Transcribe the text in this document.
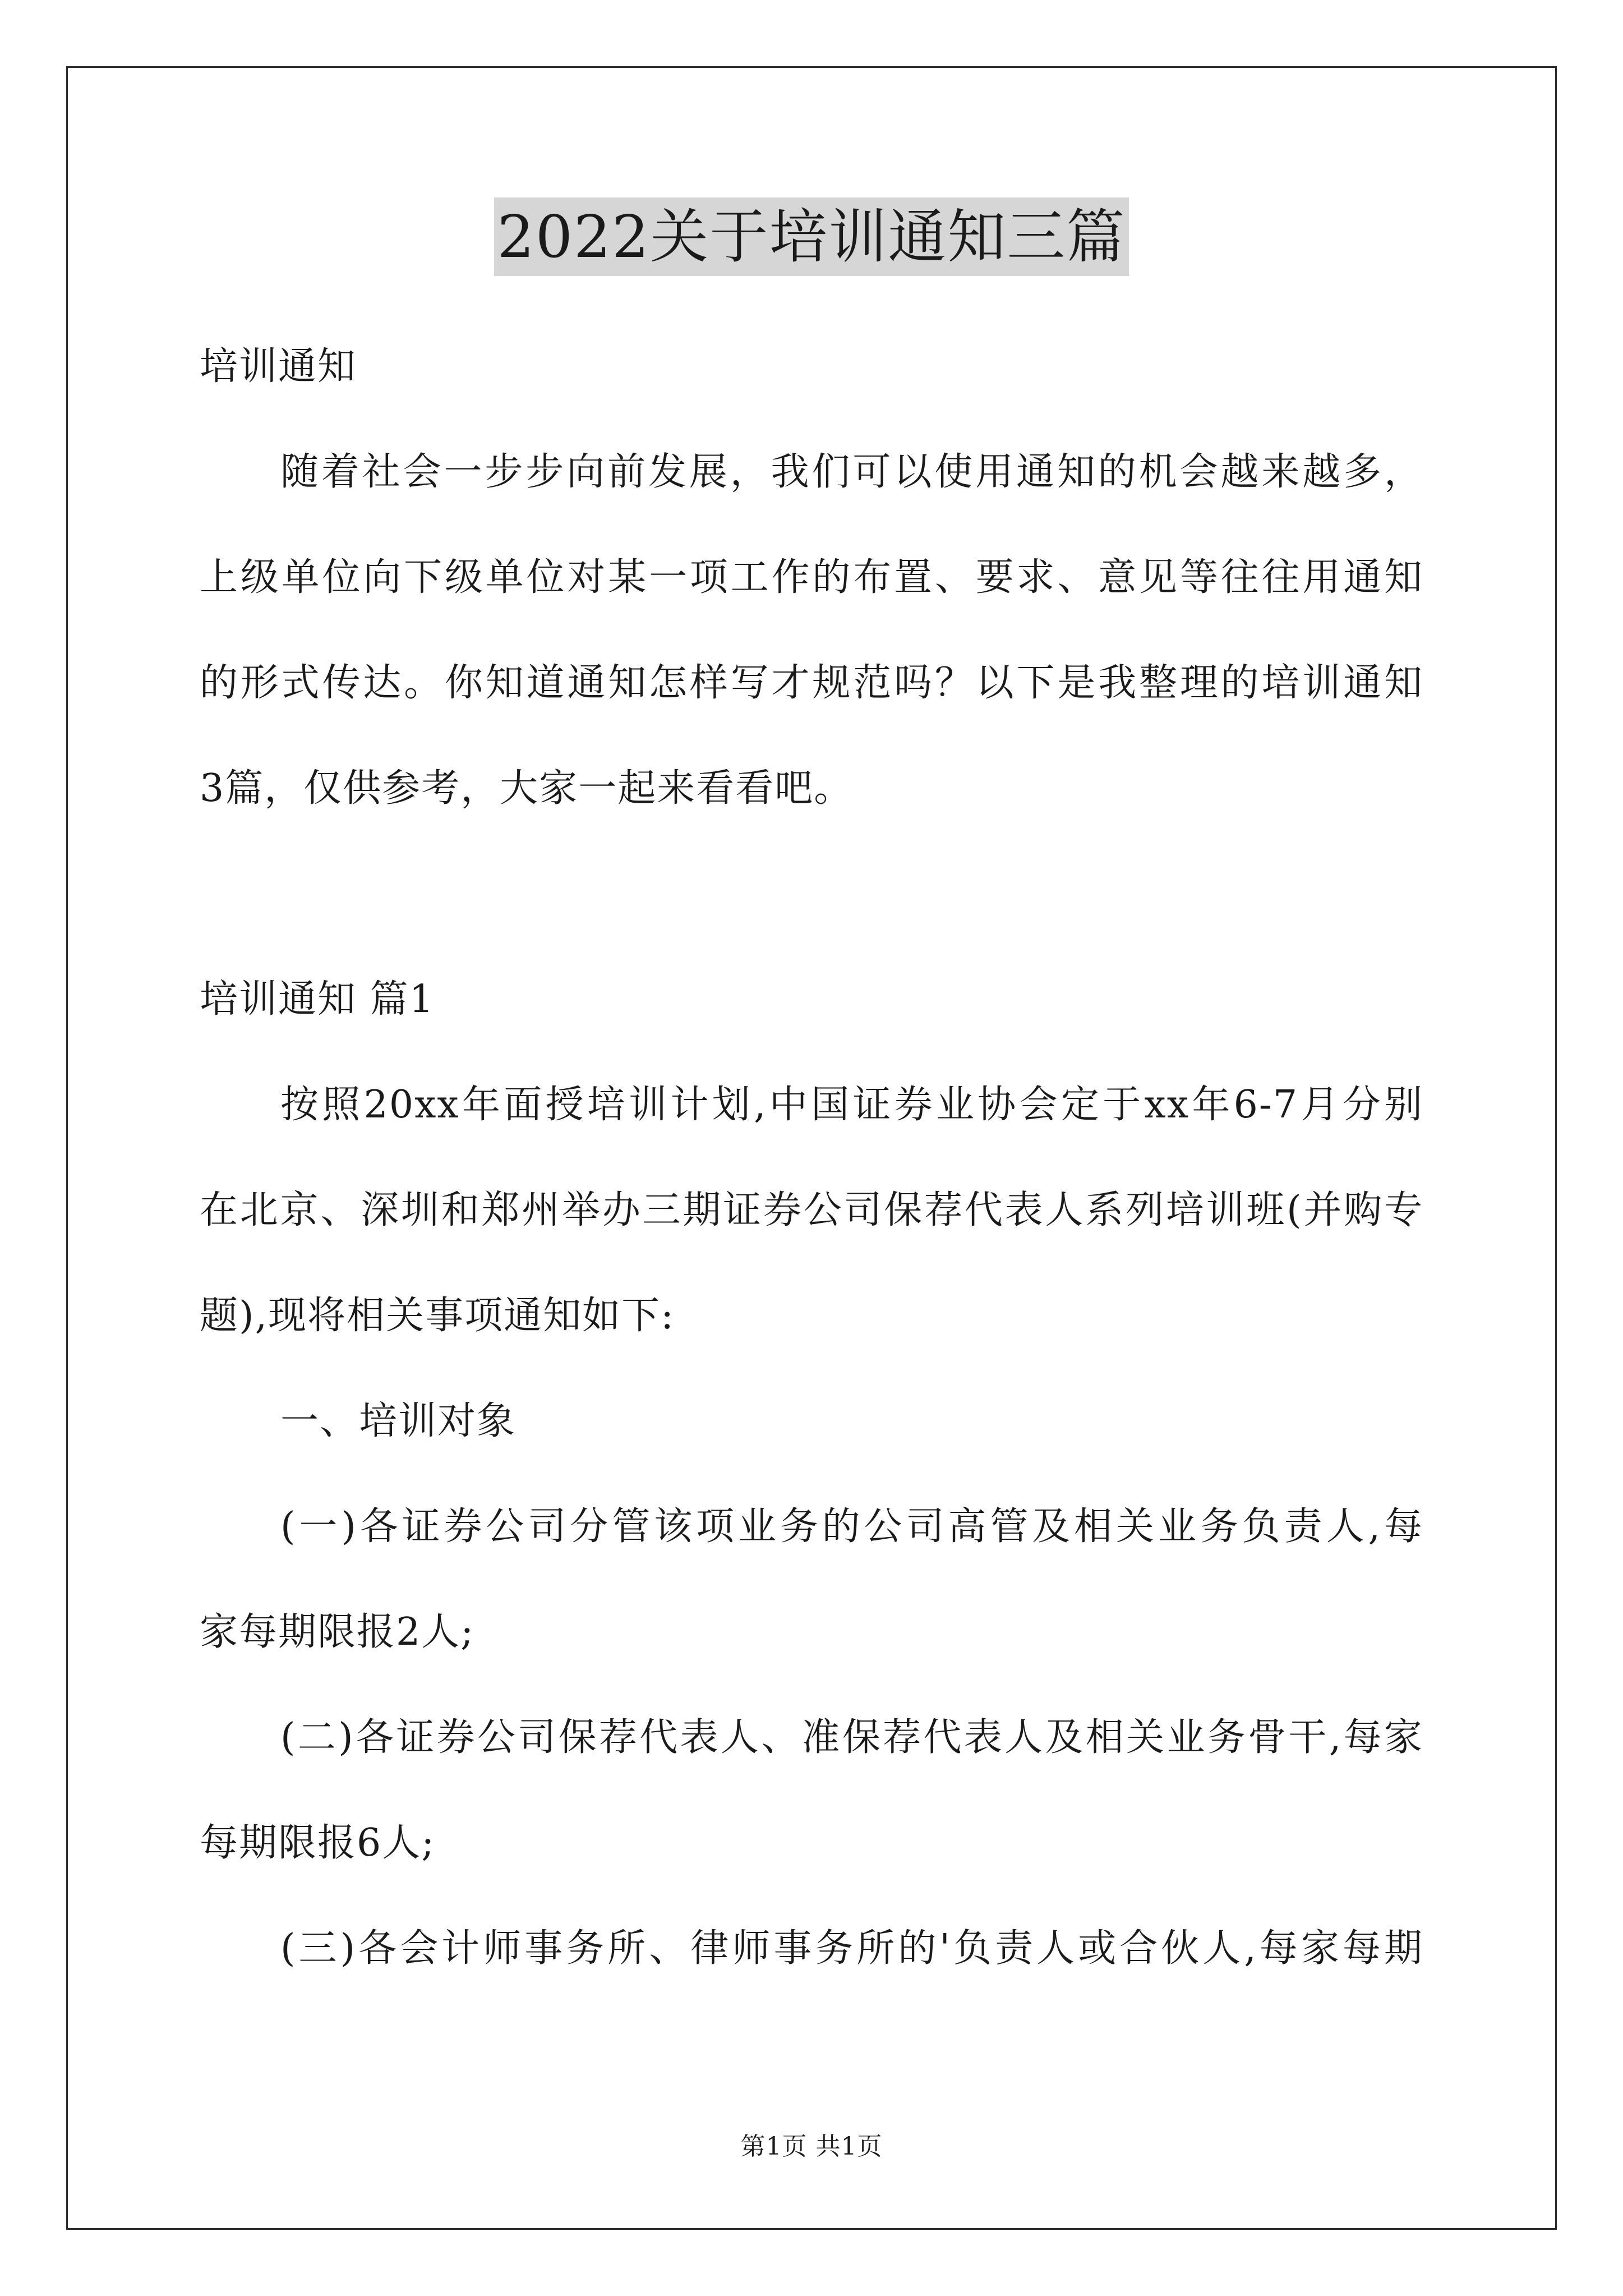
2022关于培训通知三篇
培训通知
随着社会一步步向前发展，我们可以使用通知的机会越来越多，
上级单位向下级单位对某一项工作的布置、要求、意见等往往用通知
的形式传达。你知道通知怎样写才规范吗？以下是我整理的培训通知
3篇，仅供参考，大家一起来看看吧。
培训通知 篇1
按照20xx年面授培训计划,中国证券业协会定于xx年6-7月分别
在北京、深圳和郑州举办三期证券公司保荐代表人系列培训班(并购专
题),现将相关事项通知如下:
一、培训对象
(一)各证券公司分管该项业务的公司高管及相关业务负责人,每
家每期限报2人;
(二)各证券公司保荐代表人、准保荐代表人及相关业务骨干,每家
每期限报6人;
(三)各会计师事务所、律师事务所的'负责人或合伙人,每家每期
第1页 共1页
